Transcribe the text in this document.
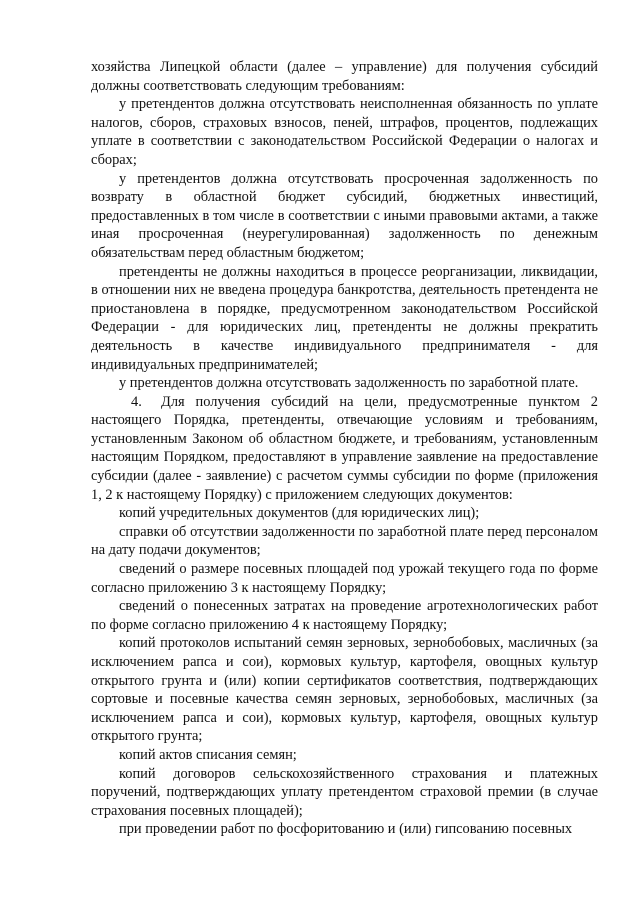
хозяйства Липецкой области (далее – управление) для получения субсидий должны соответствовать следующим требованиям:

у претендентов должна отсутствовать неисполненная обязанность по уплате налогов, сборов, страховых взносов, пеней, штрафов, процентов, подлежащих уплате в соответствии с законодательством Российской Федерации о налогах и сборах;

у претендентов должна отсутствовать просроченная задолженность по возврату в областной бюджет субсидий, бюджетных инвестиций, предоставленных в том числе в соответствии с иными правовыми актами, а также иная просроченная (неурегулированная) задолженность по денежным обязательствам перед областным бюджетом;

претенденты не должны находиться в процессе реорганизации, ликвидации, в отношении них не введена процедура банкротства, деятельность претендента не приостановлена в порядке, предусмотренном законодательством Российской Федерации - для юридических лиц, претенденты не должны прекратить деятельность в качестве индивидуального предпринимателя - для индивидуальных предпринимателей;

у претендентов должна отсутствовать задолженность по заработной плате.

4. Для получения субсидий на цели, предусмотренные пунктом 2 настоящего Порядка, претенденты, отвечающие условиям и требованиям, установленным Законом об областном бюджете, и требованиям, установленным настоящим Порядком, предоставляют в управление заявление на предоставление субсидии (далее - заявление) с расчетом суммы субсидии по форме (приложения 1, 2 к настоящему Порядку) с приложением следующих документов:

копий учредительных документов (для юридических лиц);

справки об отсутствии задолженности по заработной плате перед персоналом на дату подачи документов;

сведений о размере посевных площадей под урожай текущего года по форме согласно приложению 3 к настоящему Порядку;

сведений о понесенных затратах на проведение агротехнологических работ по форме согласно приложению 4 к настоящему Порядку;

копий протоколов испытаний семян зерновых, зернобобовых, масличных (за исключением рапса и сои), кормовых культур, картофеля, овощных культур открытого грунта и (или) копии сертификатов соответствия, подтверждающих сортовые и посевные качества семян зерновых, зернобобовых, масличных (за исключением рапса и сои), кормовых культур, картофеля, овощных культур открытого грунта;

копий актов списания семян;

копий договоров сельскохозяйственного страхования и платежных поручений, подтверждающих уплату претендентом страховой премии (в случае страхования посевных площадей);

при проведении работ по фосфоритованию и (или) гипсованию посевных
